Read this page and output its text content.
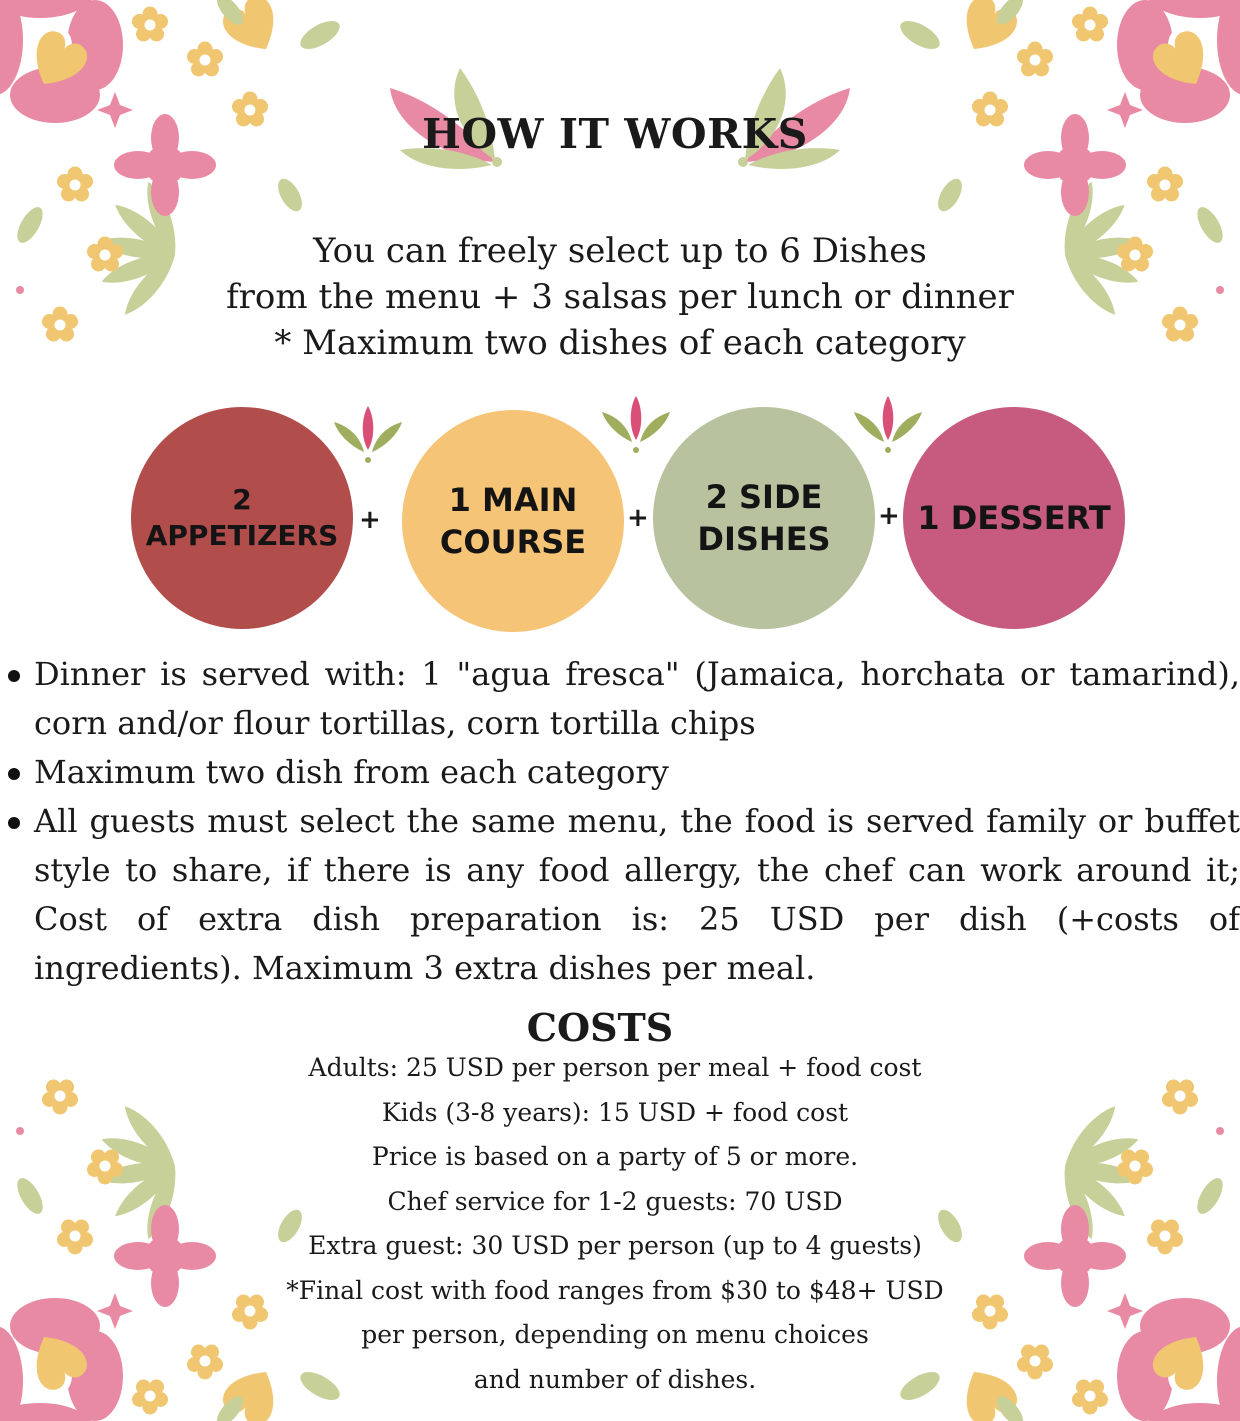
HOW IT WORKS
You can freely select up to 6 Dishes
from the menu + 3 salsas per lunch or dinner
* Maximum two dishes of each category
2
APPETIZERS +
1 MAIN
COURSE
+
2 SIDE
DISHES
+ 1 DESSERT
Dinner is served with: 1 "agua fresca" (Jamaica, horchata or tamarind), corn and/or flour tortillas, corn tortilla chips
Maximum two dish from each category
All guests must select the same menu, the food is served family or buffet style to share, if there is any food allergy, the chef can work around it; Cost of extra dish preparation is: 25 USD per dish (+costs of ingredients). Maximum 3 extra dishes per meal.
COSTS
Adults: 25 USD per person per meal + food cost
Kids (3-8 years): 15 USD + food cost
Price is based on a party of 5 or more.
Chef service for 1-2 guests: 70 USD
Extra guest: 30 USD per person (up to 4 guests)
*Final cost with food ranges from $30 to $48+ USD
per person, depending on menu choices
and number of dishes.
